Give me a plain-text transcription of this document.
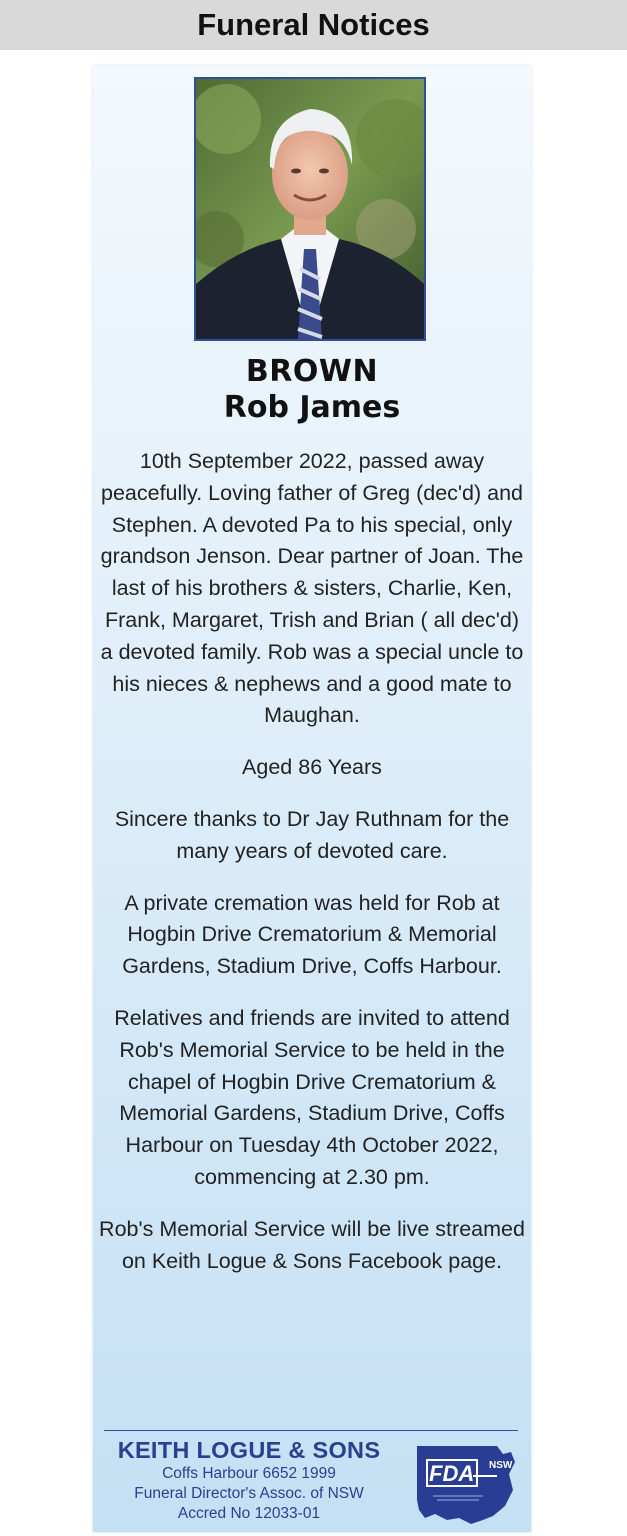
Funeral Notices
BROWN
Rob James

10th September 2022, passed away peacefully. Loving father of Greg (dec'd) and Stephen. A devoted Pa to his special, only grandson Jenson. Dear partner of Joan. The last of his brothers & sisters, Charlie, Ken, Frank, Margaret, Trish and Brian ( all dec'd) a devoted family. Rob was a special uncle to his nieces & nephews and a good mate to Maughan.

Aged 86 Years

Sincere thanks to Dr Jay Ruthnam for the many years of devoted care.

A private cremation was held for Rob at Hogbin Drive Crematorium & Memorial Gardens, Stadium Drive, Coffs Harbour.

Relatives and friends are invited to attend Rob's Memorial Service to be held in the chapel of Hogbin Drive Crematorium & Memorial Gardens, Stadium Drive, Coffs Harbour on Tuesday 4th October 2022, commencing at 2.30 pm.

Rob's Memorial Service will be live streamed on Keith Logue & Sons Facebook page.

KEITH LOGUE & SONS
Coffs Harbour 6652 1999
Funeral Director's Assoc. of NSW
Accred No 12033-01
FDA NSW
